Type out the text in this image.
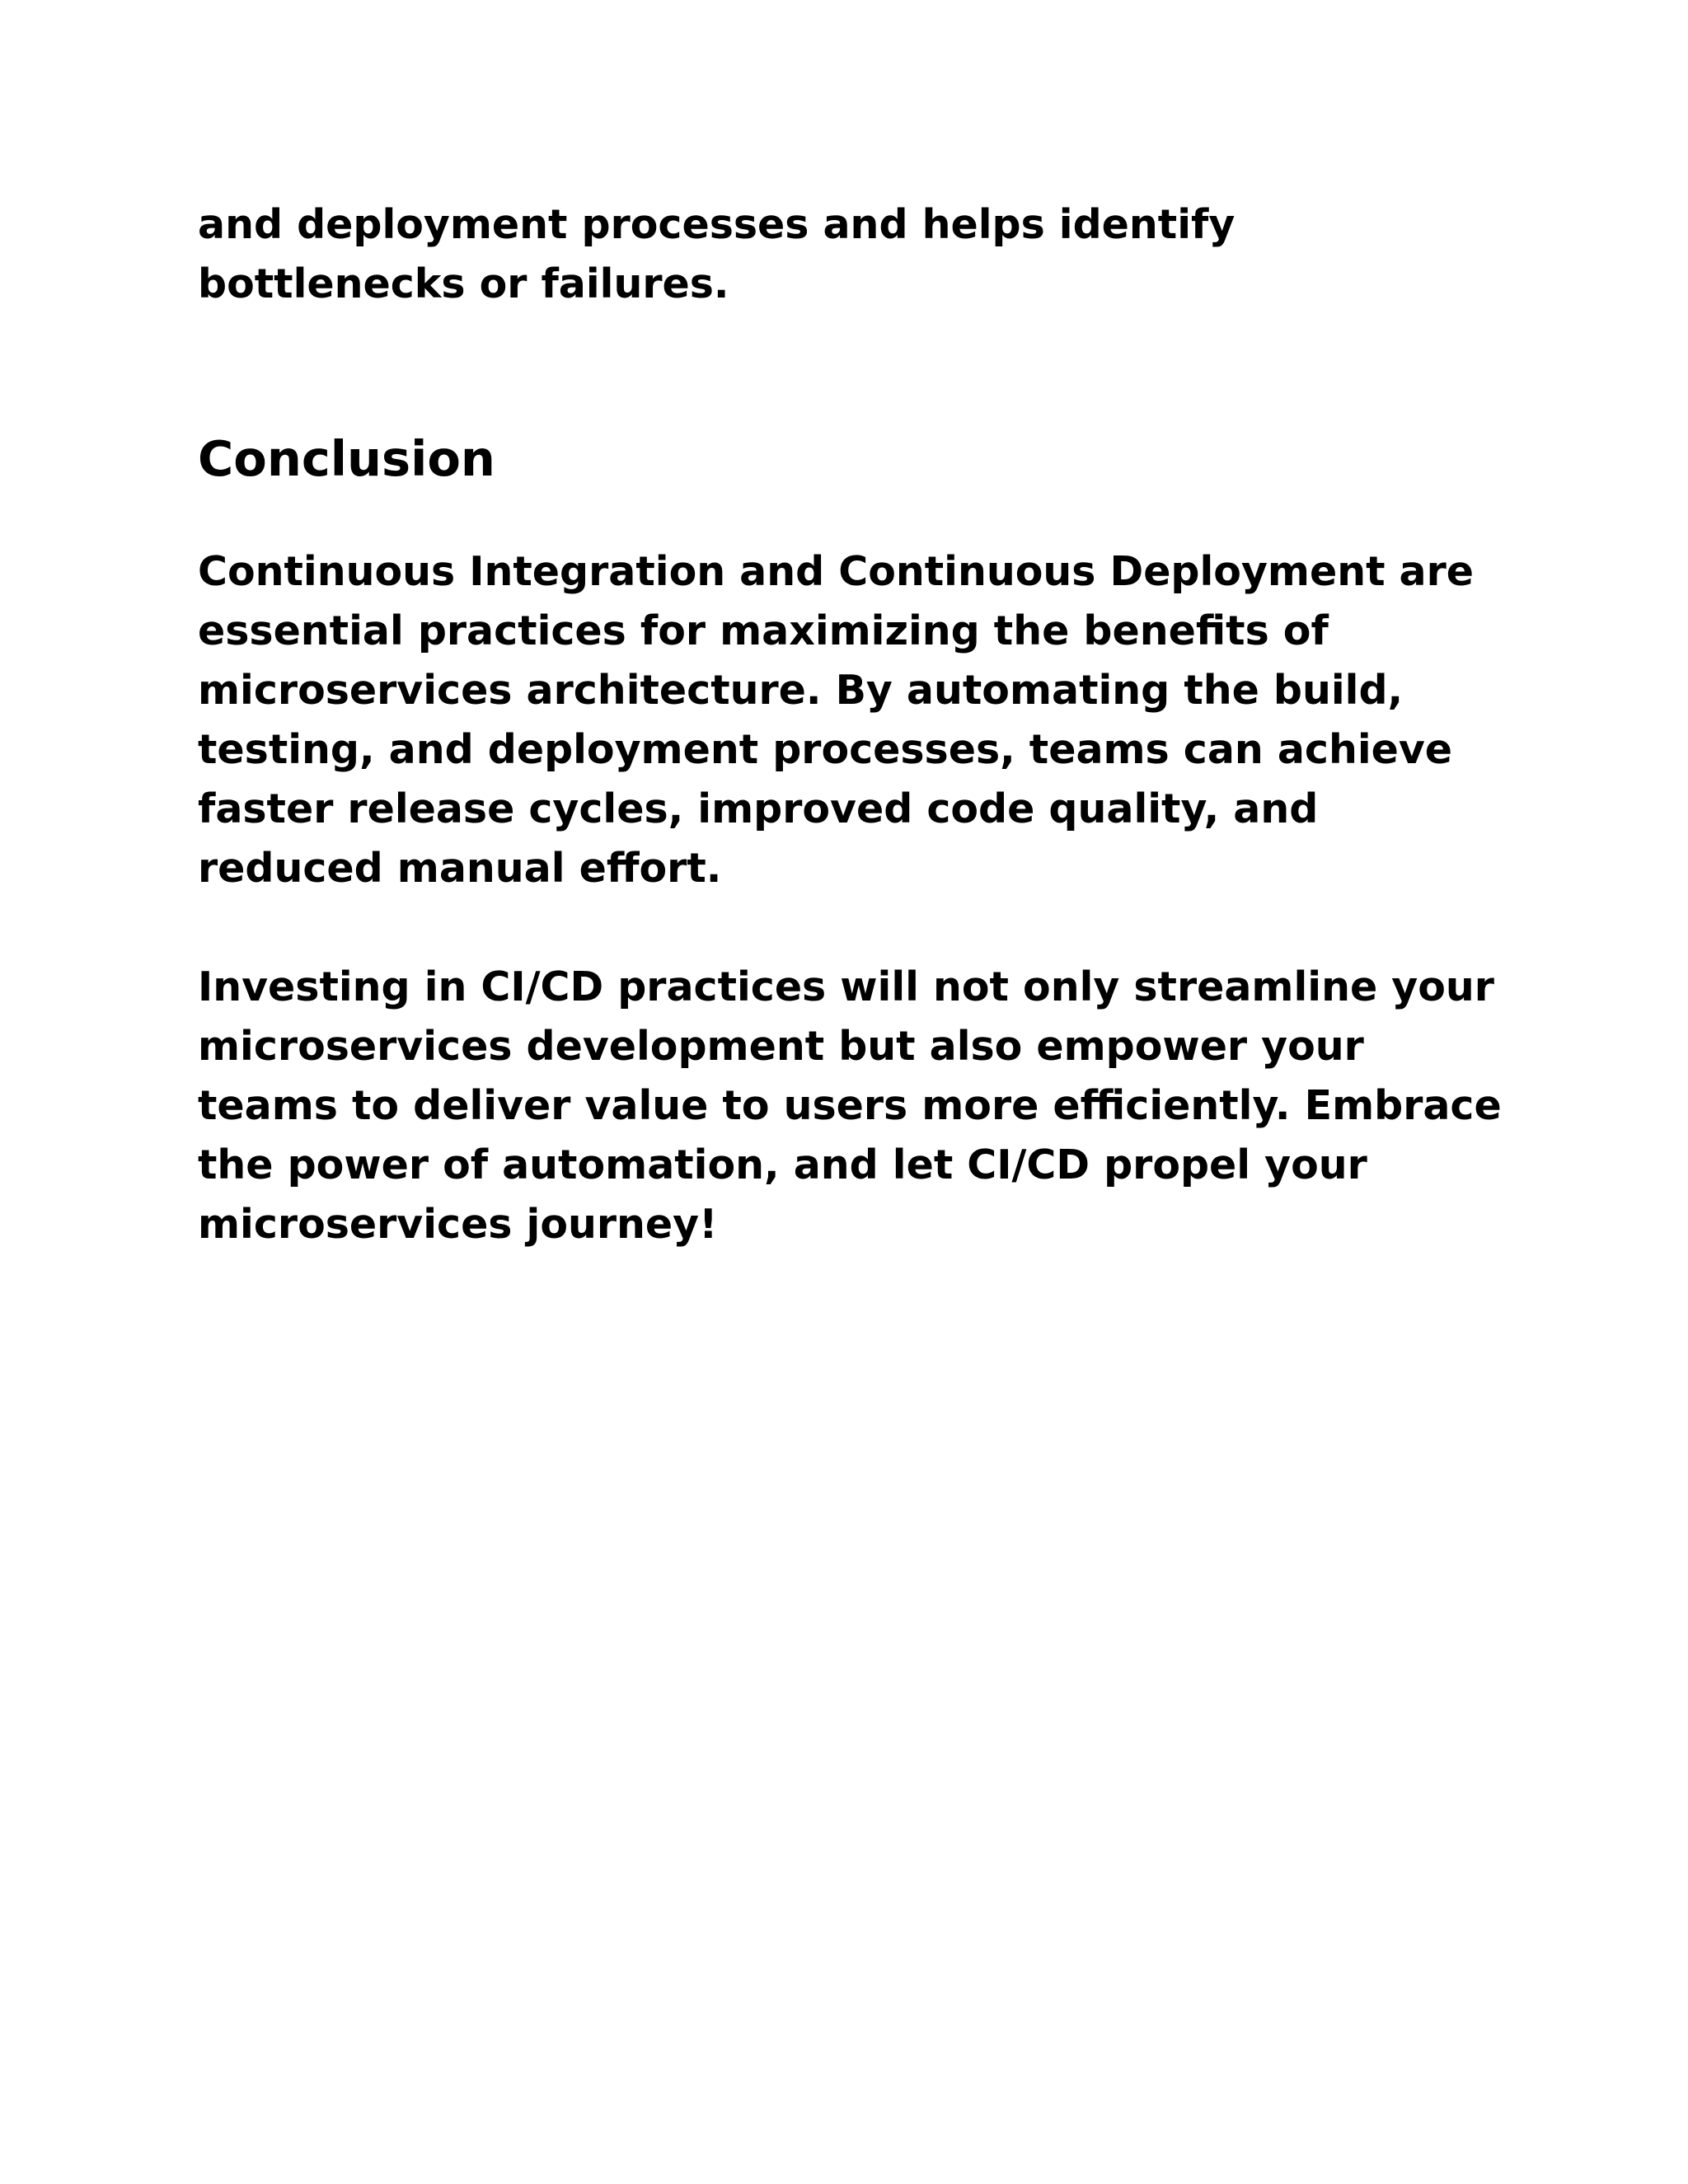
and deployment processes and helps identify bottlenecks or failures.

Conclusion

Continuous Integration and Continuous Deployment are essential practices for maximizing the benefits of microservices architecture. By automating the build, testing, and deployment processes, teams can achieve faster release cycles, improved code quality, and reduced manual effort.

Investing in CI/CD practices will not only streamline your microservices development but also empower your teams to deliver value to users more efficiently. Embrace the power of automation, and let CI/CD propel your microservices journey!
